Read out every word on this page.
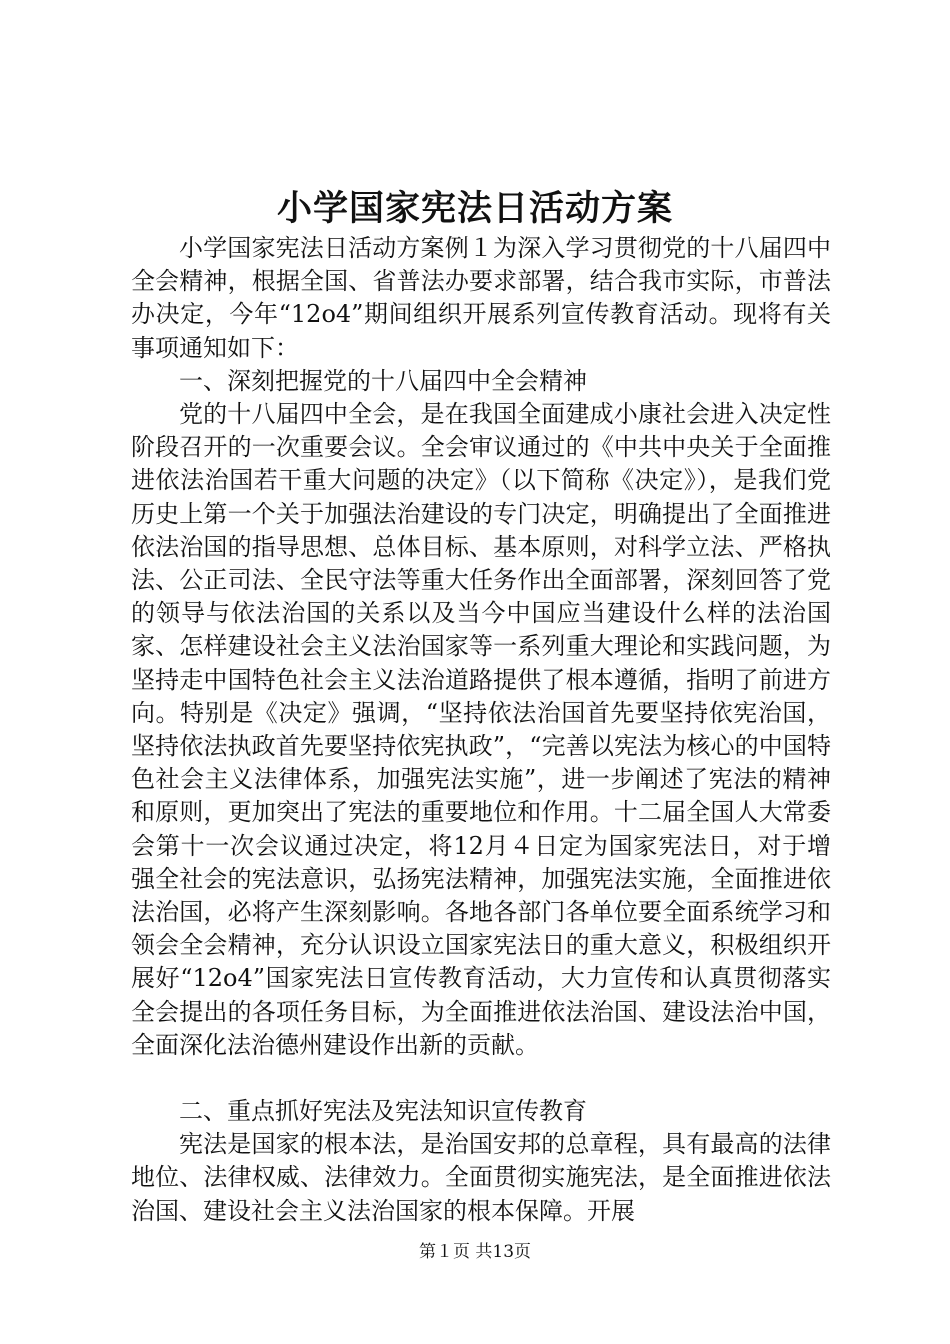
小学国家宪法日活动方案

小学国家宪法日活动方案例１为深入学习贯彻党的十八届四中全会精神，根据全国、省普法办要求部署，结合我市实际，市普法办决定，今年“12o4”期间组织开展系列宣传教育活动。现将有关事项通知如下：

一、深刻把握党的十八届四中全会精神

党的十八届四中全会，是在我国全面建成小康社会进入决定性阶段召开的一次重要会议。全会审议通过的《中共中央关于全面推进依法治国若干重大问题的决定》（以下简称《决定》），是我们党历史上第一个关于加强法治建设的专门决定，明确提出了全面推进依法治国的指导思想、总体目标、基本原则，对科学立法、严格执法、公正司法、全民守法等重大任务作出全面部署，深刻回答了党的领导与依法治国的关系以及当今中国应当建设什么样的法治国家、怎样建设社会主义法治国家等一系列重大理论和实践问题，为坚持走中国特色社会主义法治道路提供了根本遵循，指明了前进方向。特别是《决定》强调，“坚持依法治国首先要坚持依宪治国，坚持依法执政首先要坚持依宪执政”，“完善以宪法为核心的中国特色社会主义法律体系，加强宪法实施”，进一步阐述了宪法的精神和原则，更加突出了宪法的重要地位和作用。十二届全国人大常委会第十一次会议通过决定，将12月４日定为国家宪法日，对于增强全社会的宪法意识，弘扬宪法精神，加强宪法实施，全面推进依法治国，必将产生深刻影响。各地各部门各单位要全面系统学习和领会全会精神，充分认识设立国家宪法日的重大意义，积极组织开展好“12o4”国家宪法日宣传教育活动，大力宣传和认真贯彻落实全会提出的各项任务目标，为全面推进依法治国、建设法治中国，全面深化法治德州建设作出新的贡献。

二、重点抓好宪法及宪法知识宣传教育

宪法是国家的根本法，是治国安邦的总章程，具有最高的法律地位、法律权威、法律效力。全面贯彻实施宪法，是全面推进依法治国、建设社会主义法治国家的根本保障。开展

第１页 共13页
